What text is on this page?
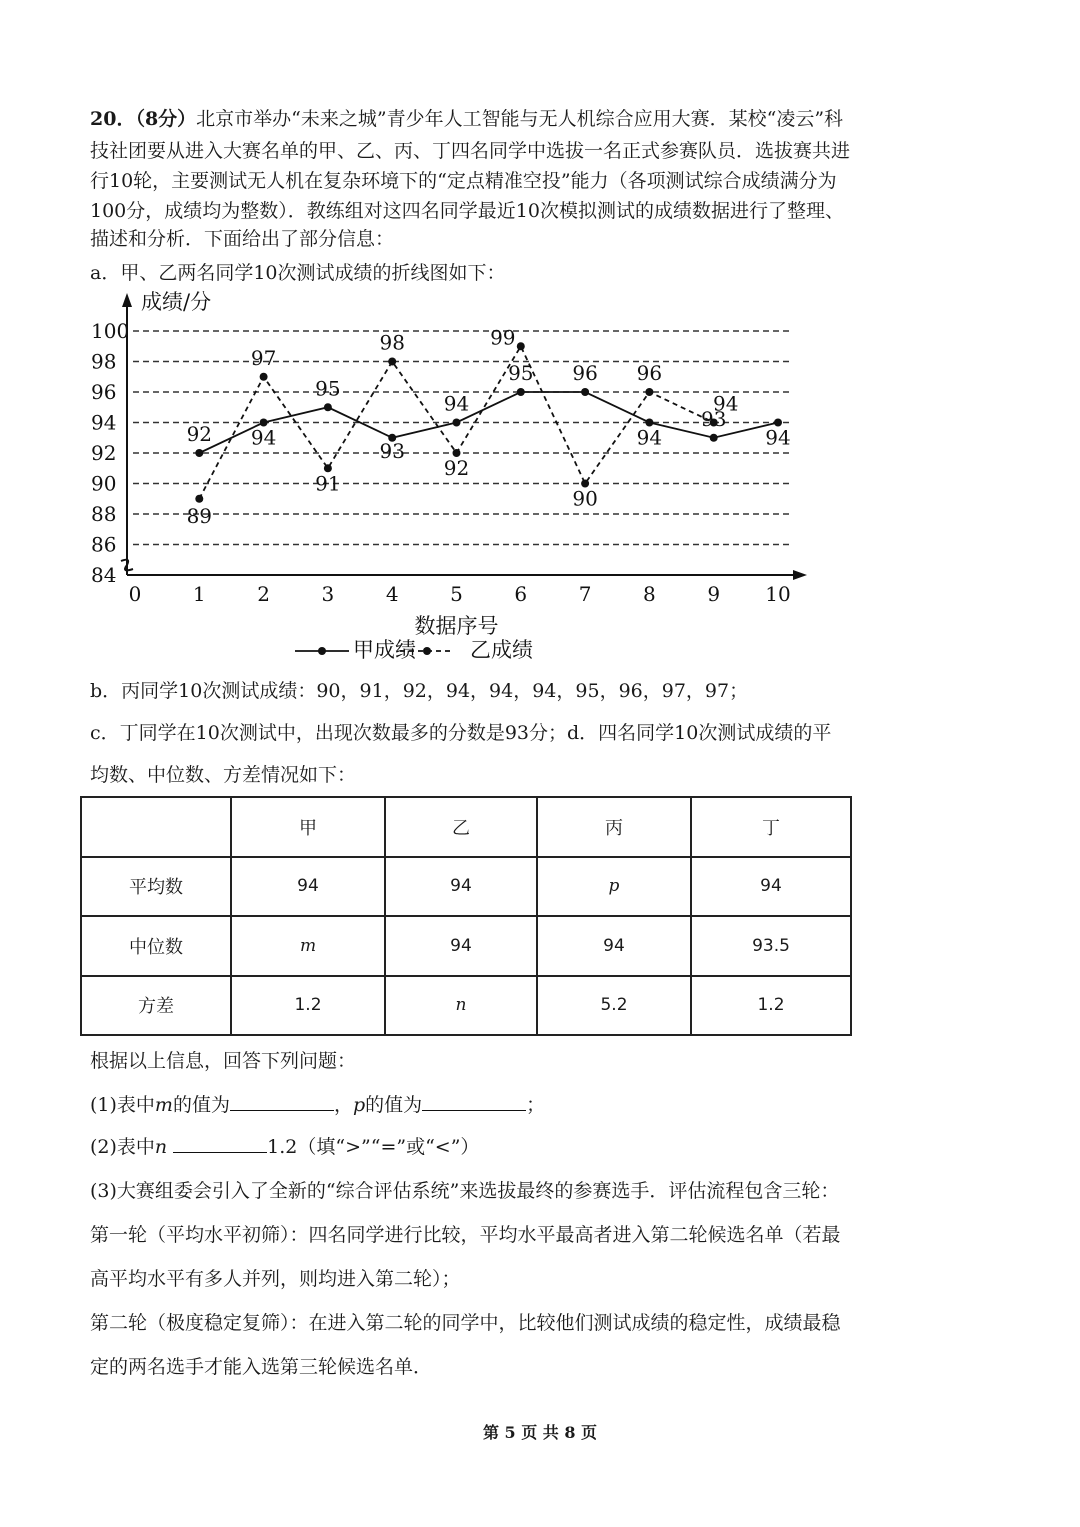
20．（8分）北京市举办“未来之城”青少年人工智能与无人机综合应用大赛．某校“凌云”科
技社团要从进入大赛名单的甲、乙、丙、丁四名同学中选拔一名正式参赛队员．选拔赛共进
行10轮，主要测试无人机在复杂环境下的“定点精准空投”能力（各项测试综合成绩满分为
100分，成绩均为整数）．教练组对这四名同学最近10次模拟测试的成绩数据进行了整理、
描述和分析．下面给出了部分信息：
a．甲、乙两名同学10次测试成绩的折线图如下：
84
86
88
90
92
94
96
98
100
成绩/分
0	1	2	3	4	5	6	7	8	9 10
数据序号
92 94
95
93
94
95 96
94
93
94
89
97
91
98
92
99
90
96
94
甲成绩	乙成绩
b．丙同学10次测试成绩：90，91，92，94，94，94，95，96，97，97；
c．丁同学在10次测试中，出现次数最多的分数是93分；d．四名同学10次测试成绩的平
均数、中位数、方差情况如下：
	甲	乙	丙	丁
平均数	94	94	p	94
中位数	m	94	94	93.5
方差	1.2	n	5.2	1.2
根据以上信息，回答下列问题：
(1)表中m的值为	，p的值为	；
(2)表中n	1.2（填“>”“=”或“<”）
(3)大赛组委会引入了全新的“综合评估系统”来选拔最终的参赛选手．评估流程包含三轮：
第一轮（平均水平初筛）：四名同学进行比较，平均水平最高者进入第二轮候选名单（若最
高平均水平有多人并列，则均进入第二轮）；
第二轮（极度稳定复筛）：在进入第二轮的同学中，比较他们测试成绩的稳定性，成绩最稳
定的两名选手才能入选第三轮候选名单．
第 5 页 共 8 页
